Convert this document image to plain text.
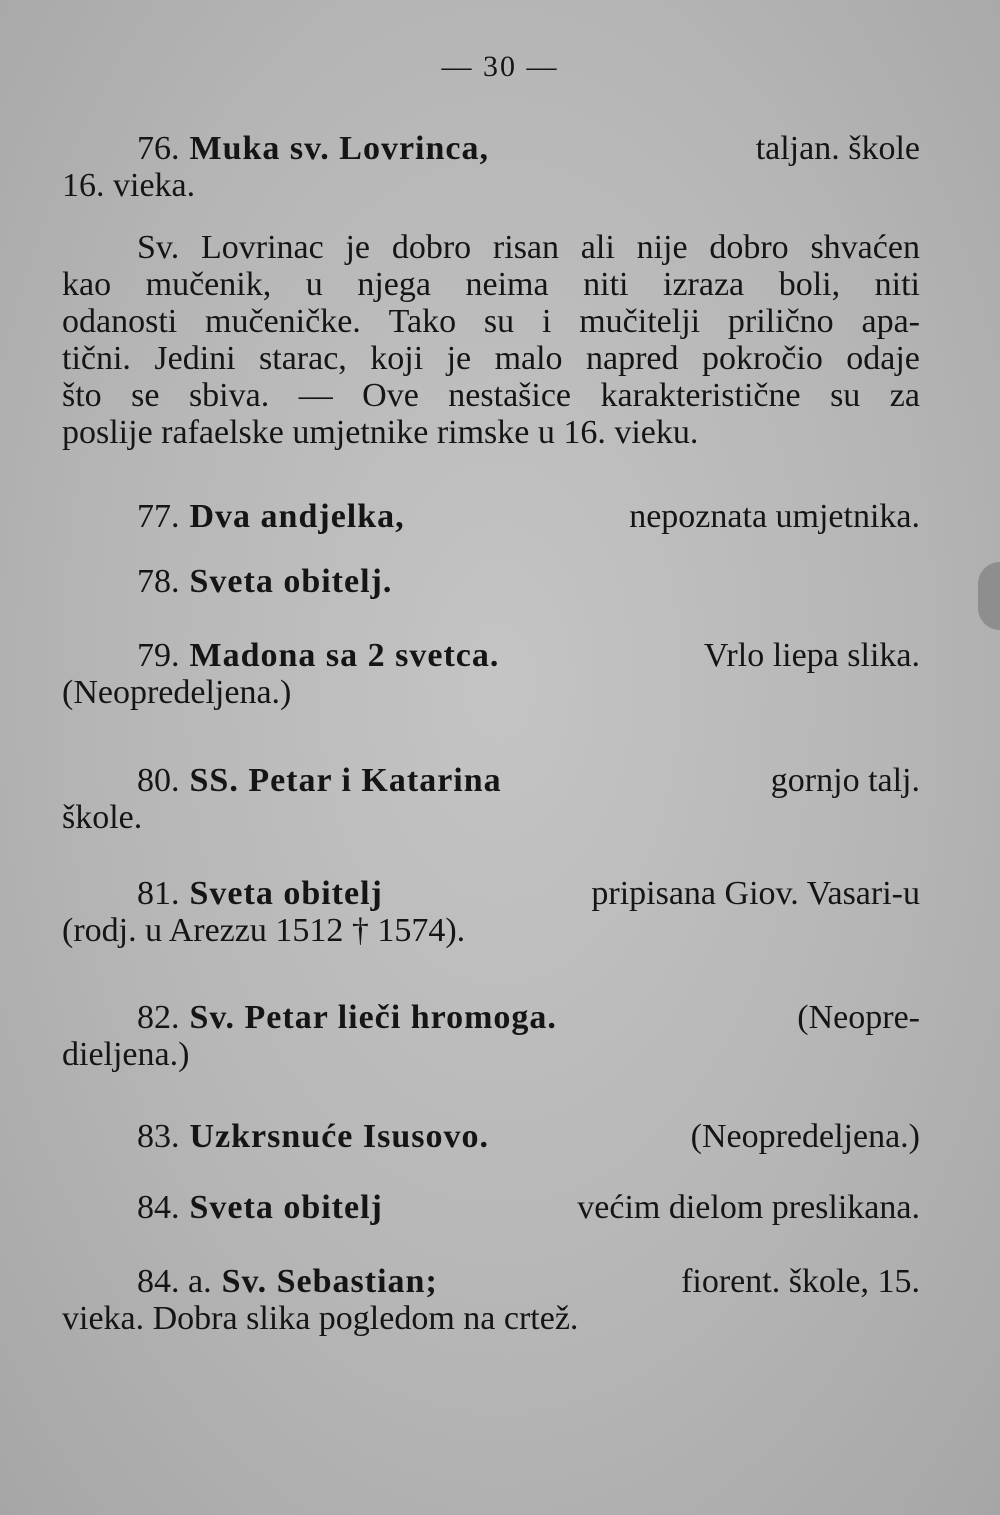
— 30 —
76. Muka sv. Lovrinca,	taljan. škole
16. vieka.
Sv. Lovrinac je dobro risan ali nije dobro shvaćen
kao mučenik, u njega neima niti izraza boli, niti
odanosti mučeničke. Tako su i mučitelji prilično apa-
tični. Jedini starac, koji je malo napred pokročio odaje
što se sbiva. — Ove nestašice karakteristične su za
poslije rafaelske umjetnike rimske u 16. vieku.
77. Dva andjelka,	nepoznata umjetnika.
78. Sveta obitelj.
79. Madona sa 2 svetca.	Vrlo liepa slika.
(Neopredeljena.)
80. SS. Petar i Katarina	gornjo talj.
škole.
81. Sveta obitelj	pripisana Giov. Vasari-u
(rodj. u Arezzu 1512 † 1574).
82. Sv. Petar lieči hromoga.	(Neopre-
dieljena.)
83. Uzkrsnuće Isusovo.	(Neopredeljena.)
84. Sveta obitelj	većim dielom preslikana.
84. a. Sv. Sebastian;	fiorent. škole, 15.
vieka. Dobra slika pogledom na crtež.
